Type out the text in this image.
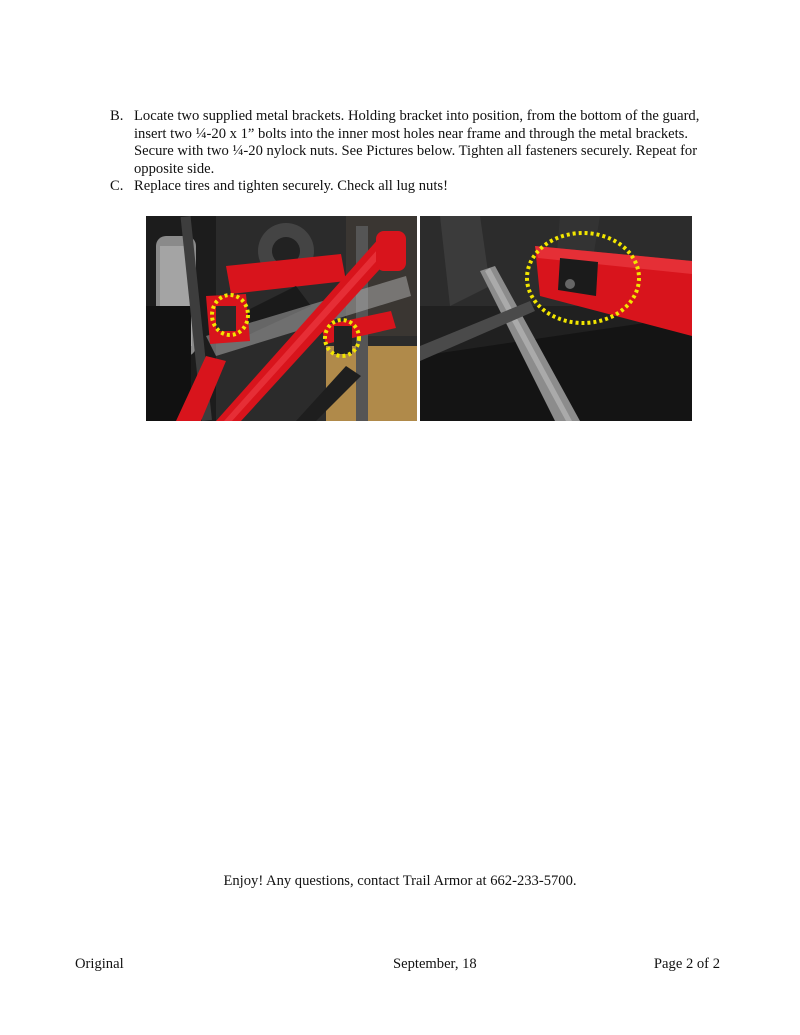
B. Locate two supplied metal brackets. Holding bracket into position, from the bottom of the guard, insert two ¼-20 x 1” bolts into the inner most holes near frame and through the metal brackets. Secure with two ¼-20 nylock nuts. See Pictures below. Tighten all fasteners securely. Repeat for opposite side.
C. Replace tires and tighten securely. Check all lug nuts!
Enjoy! Any questions, contact Trail Armor at 662-233-5700.
Original	September, 18	Page 2 of 2
